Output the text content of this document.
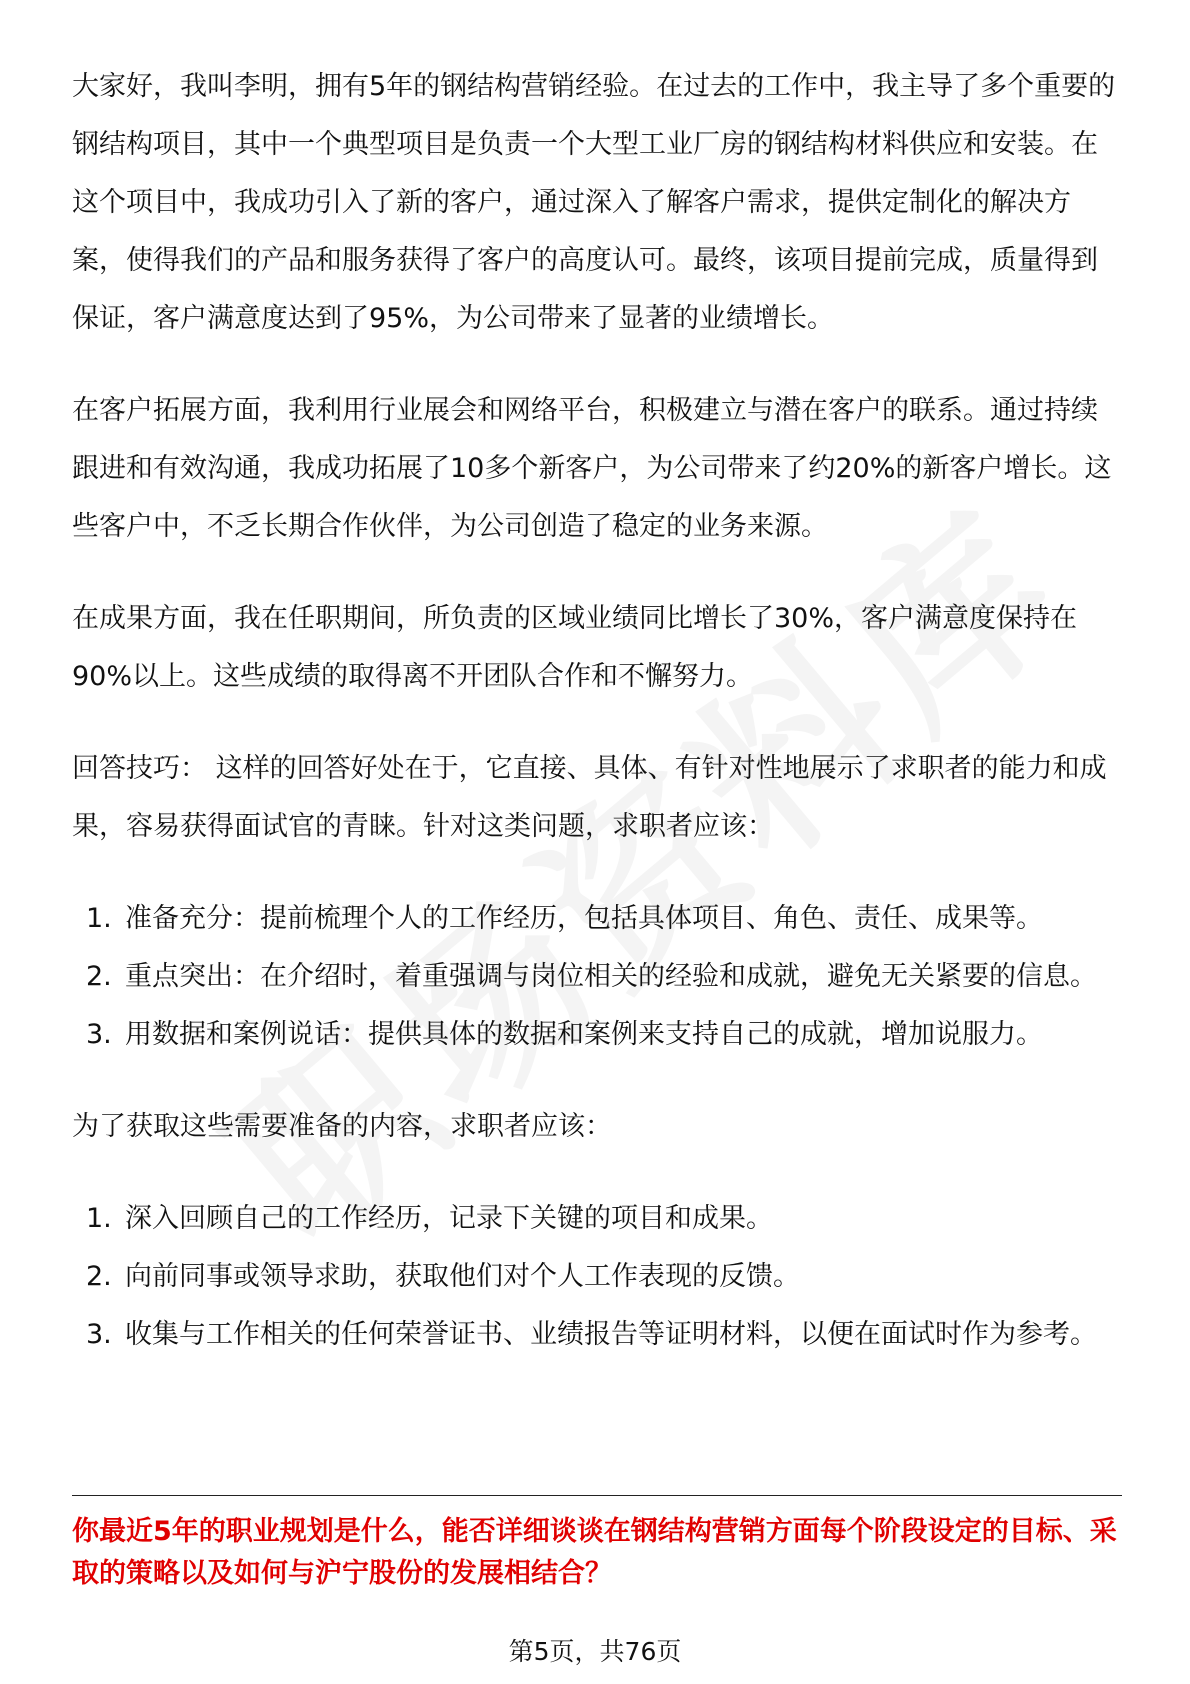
大家好，我叫李明，拥有5年的钢结构营销经验。在过去的工作中，我主导了多个重要的钢结构项目，其中一个典型项目是负责一个大型工业厂房的钢结构材料供应和安装。在这个项目中，我成功引入了新的客户，通过深入了解客户需求，提供定制化的解决方案，使得我们的产品和服务获得了客户的高度认可。最终，该项目提前完成，质量得到保证，客户满意度达到了95%，为公司带来了显著的业绩增长。

在客户拓展方面，我利用行业展会和网络平台，积极建立与潜在客户的联系。通过持续跟进和有效沟通，我成功拓展了10多个新客户，为公司带来了约20%的新客户增长。这些客户中，不乏长期合作伙伴，为公司创造了稳定的业务来源。

在成果方面，我在任职期间，所负责的区域业绩同比增长了30%，客户满意度保持在90%以上。这些成绩的取得离不开团队合作和不懈努力。

回答技巧： 这样的回答好处在于，它直接、具体、有针对性地展示了求职者的能力和成果，容易获得面试官的青睐。针对这类问题，求职者应该：

1. 准备充分：提前梳理个人的工作经历，包括具体项目、角色、责任、成果等。
2. 重点突出：在介绍时，着重强调与岗位相关的经验和成就，避免无关紧要的信息。
3. 用数据和案例说话：提供具体的数据和案例来支持自己的成就，增加说服力。

为了获取这些需要准备的内容，求职者应该：

1. 深入回顾自己的工作经历，记录下关键的项目和成果。
2. 向前同事或领导求助，获取他们对个人工作表现的反馈。
3. 收集与工作相关的任何荣誉证书、业绩报告等证明材料，以便在面试时作为参考。
你最近5年的职业规划是什么，能否详细谈谈在钢结构营销方面每个阶段设定的目标、采取的策略以及如何与沪宁股份的发展相结合？
第5页，共76页
